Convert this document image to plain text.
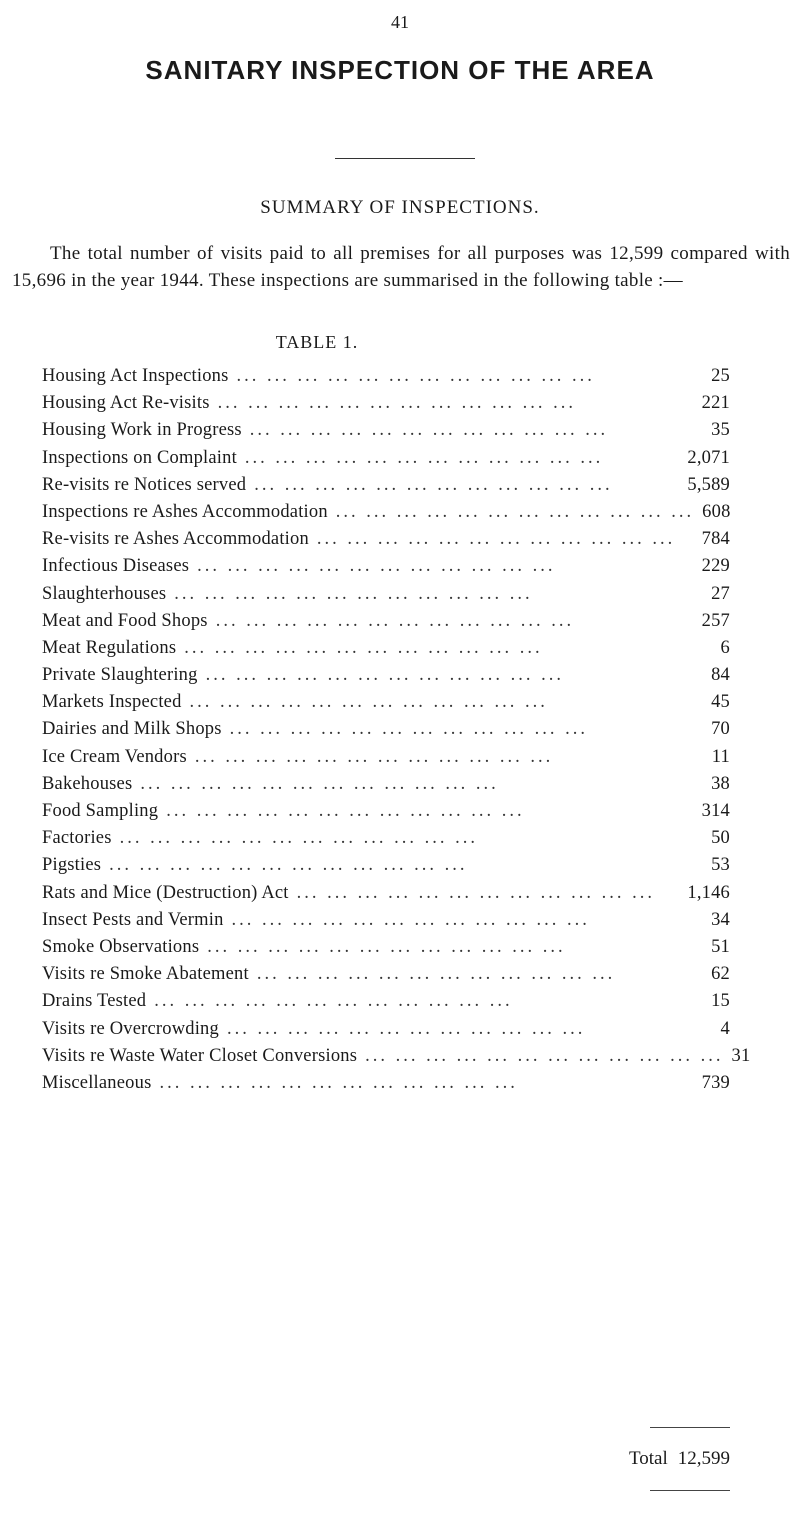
41
SANITARY INSPECTION OF THE AREA
SUMMARY OF INSPECTIONS.

The total number of visits paid to all premises for all purposes was 12,599 compared with 15,696 in the year 1944. These inspections are summarised in the following table :—

TABLE 1.
Housing Act Inspections ... ... ... ... ... ... ... ... ... ... ... ...	25
Housing Act Re-visits ... ... ... ... ... ... ... ... ... ... ... ...	221
Housing Work in Progress ... ... ... ... ... ... ... ... ... ... ... ...	35
Inspections on Complaint ... ... ... ... ... ... ... ... ... ... ... ...	2,071
Re-visits re Notices served ... ... ... ... ... ... ... ... ... ... ... ...	5,589
Inspections re Ashes Accommodation ... ... ... ... ... ... ... ... ... ... ... ... 608
Re-visits re Ashes Accommodation ... ... ... ... ... ... ... ... ... ... ... ...	784
Infectious Diseases ... ... ... ... ... ... ... ... ... ... ... ...	229
Slaughterhouses ... ... ... ... ... ... ... ... ... ... ... ...	27
Meat and Food Shops ... ... ... ... ... ... ... ... ... ... ... ...	257
Meat Regulations ... ... ... ... ... ... ... ... ... ... ... ...	6
Private Slaughtering ... ... ... ... ... ... ... ... ... ... ... ...	84
Markets Inspected ... ... ... ... ... ... ... ... ... ... ... ...	45
Dairies and Milk Shops ... ... ... ... ... ... ... ... ... ... ... ...	70
Ice Cream Vendors ... ... ... ... ... ... ... ... ... ... ... ...	11
Bakehouses ... ... ... ... ... ... ... ... ... ... ... ...	38
Food Sampling ... ... ... ... ... ... ... ... ... ... ... ...	314
Factories ... ... ... ... ... ... ... ... ... ... ... ...	50
Pigsties ... ... ... ... ... ... ... ... ... ... ... ...	53
Rats and Mice (Destruction) Act ... ... ... ... ... ... ... ... ... ... ... ...	1,146
Insect Pests and Vermin ... ... ... ... ... ... ... ... ... ... ... ...	34
Smoke Observations ... ... ... ... ... ... ... ... ... ... ... ...	51
Visits re Smoke Abatement ... ... ... ... ... ... ... ... ... ... ... ...	62
Drains Tested ... ... ... ... ... ... ... ... ... ... ... ...	15
Visits re Overcrowding ... ... ... ... ... ... ... ... ... ... ... ...	4
Visits re Waste Water Closet Conversions ... ... ... ... ... ... ... ... ... ... ... ... 31
Miscellaneous ... ... ... ... ... ... ... ... ... ... ... ...	739
Total 12,599
